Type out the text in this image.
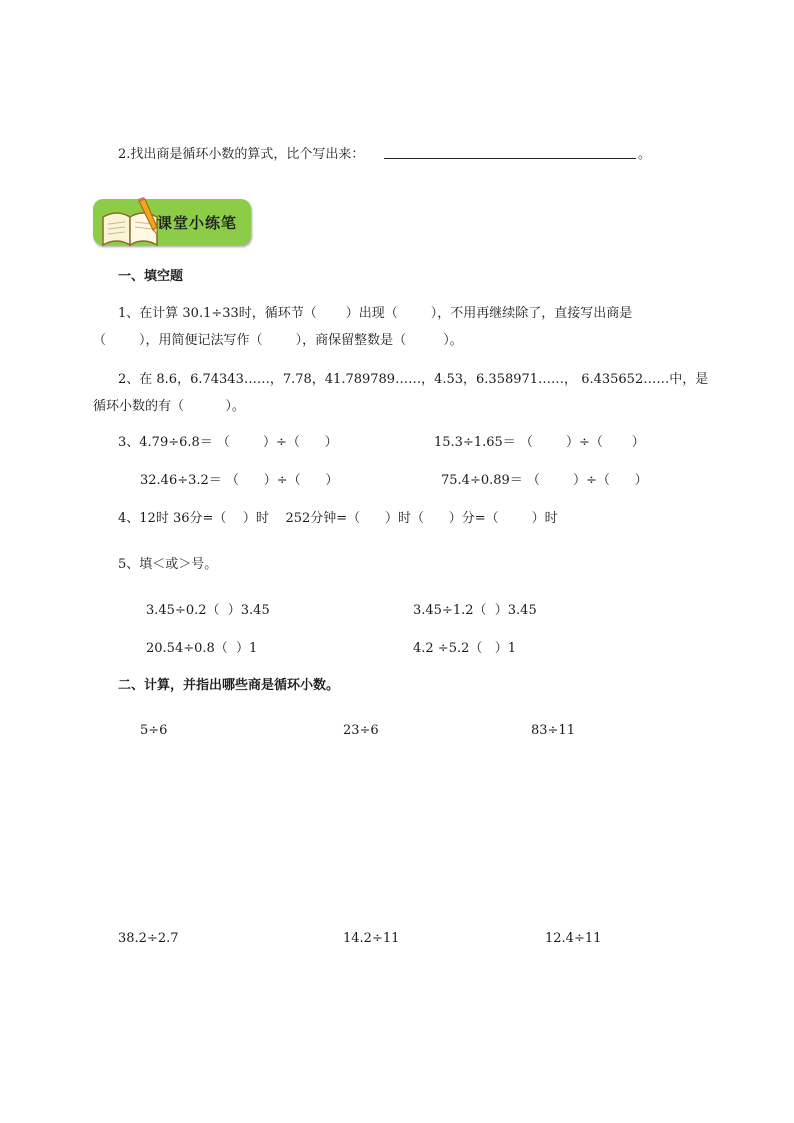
2.找出商是循环小数的算式，比个写出来：	。
课堂小练笔
一、填空题
1、在计算 30.1÷33时，循环节（       ）出现（        ），不用再继续除了，直接写出商是
（        ），用简便记法写作（        ），商保留整数是（         ）。
2、在 8.6，6.74343……，7.78，41.789789……，4.53，6.358971……， 6.435652……中，是
循环小数的有（          ）。
3、4.79÷6.8＝ （        ）÷（      ）	15.3÷1.65＝ （        ）÷（       ）
32.46÷3.2＝ （      ）÷（      ）	75.4÷0.89＝ （        ）÷（      ）
4、12时 36分=（    ）时    252分钟=（      ）时（      ）分=（        ）时
5、填＜或＞号。
3.45÷0.2（  ）3.45	3.45÷1.2（  ）3.45
20.54÷0.8（  ）1	4.2 ÷5.2（   ）1
二、计算，并指出哪些商是循环小数。
5÷6	23÷6	83÷11
38.2÷2.7	14.2÷11	12.4÷11
